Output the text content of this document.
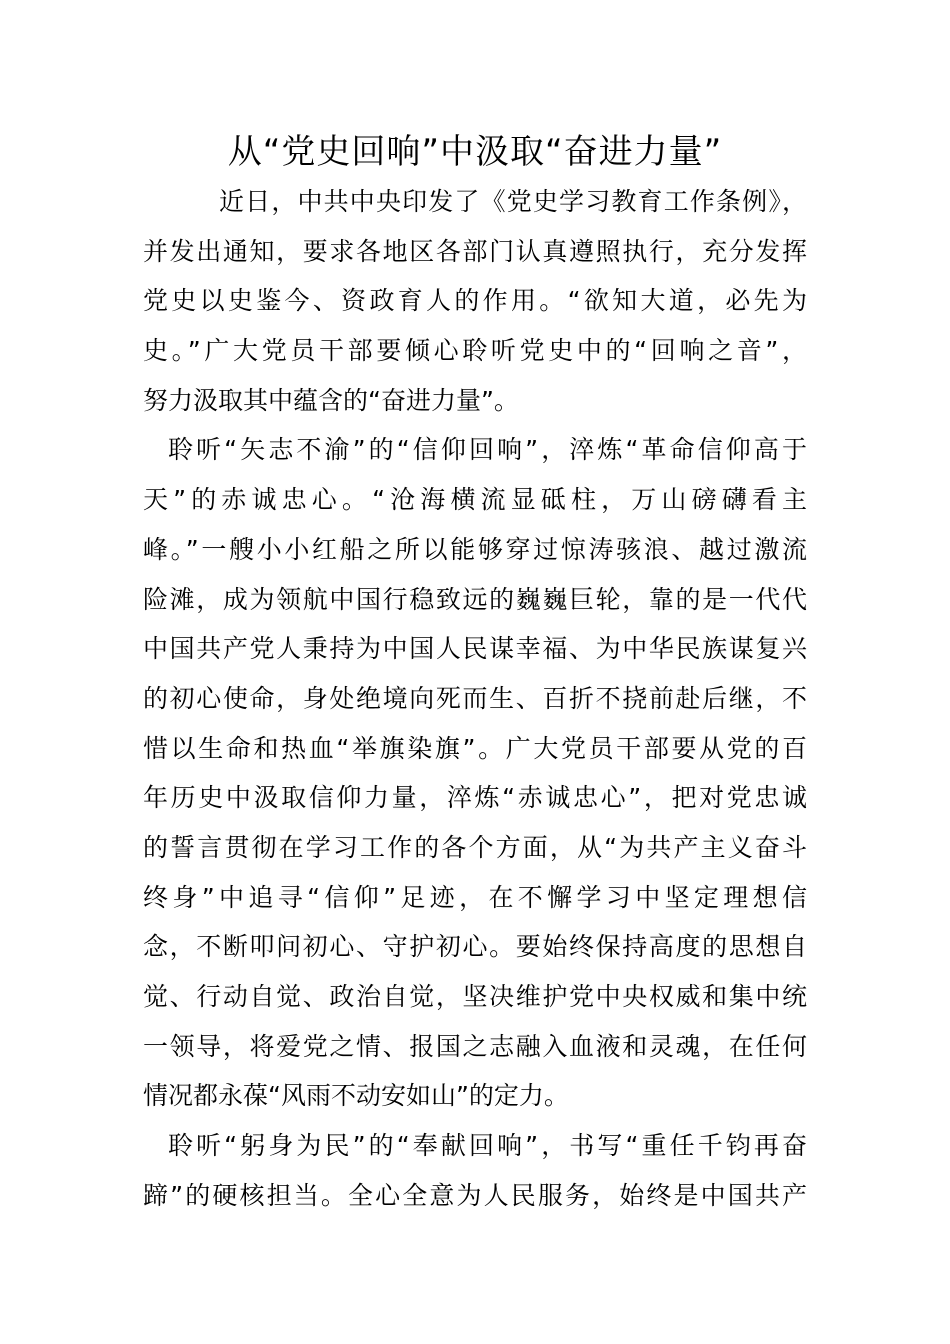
从“党史回响”中汲取“奋进力量”
近日，中共中央印发了《党史学习教育工作条例》，
并发出通知，要求各地区各部门认真遵照执行，充分发挥
党史以史鉴今、资政育人的作用。“欲知大道，必先为
史。”广大党员干部要倾心聆听党史中的“回响之音”，
努力汲取其中蕴含的“奋进力量”。
聆听“矢志不渝”的“信仰回响”，淬炼“革命信仰高于
天”的赤诚忠心。“沧海横流显砥柱，万山磅礴看主
峰。”一艘小小红船之所以能够穿过惊涛骇浪、越过激流
险滩，成为领航中国行稳致远的巍巍巨轮，靠的是一代代
中国共产党人秉持为中国人民谋幸福、为中华民族谋复兴
的初心使命，身处绝境向死而生、百折不挠前赴后继，不
惜以生命和热血“举旗染旗”。广大党员干部要从党的百
年历史中汲取信仰力量，淬炼“赤诚忠心”，把对党忠诚
的誓言贯彻在学习工作的各个方面，从“为共产主义奋斗
终身”中追寻“信仰”足迹，在不懈学习中坚定理想信
念，不断叩问初心、守护初心。要始终保持高度的思想自
觉、行动自觉、政治自觉，坚决维护党中央权威和集中统
一领导，将爱党之情、报国之志融入血液和灵魂，在任何
情况都永葆“风雨不动安如山”的定力。
聆听“躬身为民”的“奉献回响”，书写“重任千钧再奋
蹄”的硬核担当。全心全意为人民服务，始终是中国共产
